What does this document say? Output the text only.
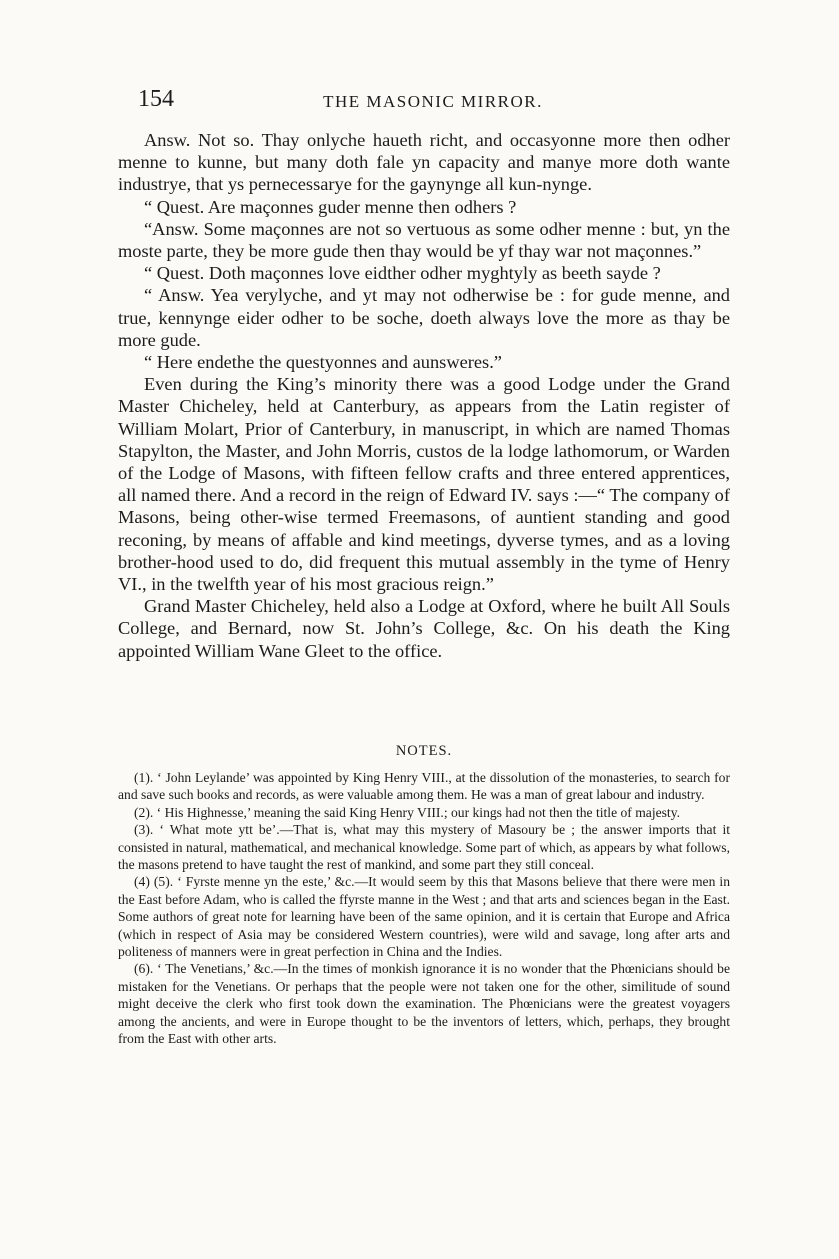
154	THE MASONIC MIRROR.

Answ. Not so. Thay onlyche haueth richt, and occasyonne more then odher menne to kunne, but many doth fale yn capacity and manye more doth wante industrye, that ys pernecessarye for the gaynynge all kun-nynge.

“ Quest. Are maçonnes guder menne then odhers ?

“Answ. Some maçonnes are not so vertuous as some odher menne : but, yn the moste parte, they be more gude then thay would be yf thay war not maçonnes.”

“ Quest. Doth maçonnes love eidther odher myghtyly as beeth sayde ?

“ Answ. Yea verylyche, and yt may not odherwise be : for gude menne, and true, kennynge eider odher to be soche, doeth always love the more as thay be more gude.

“ Here endethe the questyonnes and aunsweres.”

Even during the King’s minority there was a good Lodge under the Grand Master Chicheley, held at Canterbury, as appears from the Latin register of William Molart, Prior of Canterbury, in manuscript, in which are named Thomas Stapylton, the Master, and John Morris, custos de la lodge lathomorum, or Warden of the Lodge of Masons, with fifteen fellow crafts and three entered apprentices, all named there. And a record in the reign of Edward IV. says :—“ The company of Masons, being other-wise termed Freemasons, of auntient standing and good reconing, by means of affable and kind meetings, dyverse tymes, and as a loving brother-hood used to do, did frequent this mutual assembly in the tyme of Henry VI., in the twelfth year of his most gracious reign.”

Grand Master Chicheley, held also a Lodge at Oxford, where he built All Souls College, and Bernard, now St. John’s College, &c. On his death the King appointed William Wane Gleet to the office.

NOTES.

(1). ‘ John Leylande’ was appointed by King Henry VIII., at the dissolution of the monasteries, to search for and save such books and records, as were valuable among them. He was a man of great labour and industry.

(2). ‘ His Highnesse,’ meaning the said King Henry VIII.; our kings had not then the title of majesty.

(3). ‘ What mote ytt be’.—That is, what may this mystery of Masoury be ; the answer imports that it consisted in natural, mathematical, and mechanical knowledge. Some part of which, as appears by what follows, the masons pretend to have taught the rest of mankind, and some part they still conceal.

(4) (5). ‘ Fyrste menne yn the este,’ &c.—It would seem by this that Masons believe that there were men in the East before Adam, who is called the ffyrste manne in the West ; and that arts and sciences began in the East. Some authors of great note for learning have been of the same opinion, and it is certain that Europe and Africa (which in respect of Asia may be considered Western countries), were wild and savage, long after arts and politeness of manners were in great perfection in China and the Indies.

(6). ‘ The Venetians,’ &c.—In the times of monkish ignorance it is no wonder that the Phœnicians should be mistaken for the Venetians. Or perhaps that the people were not taken one for the other, similitude of sound might deceive the clerk who first took down the examination. The Phœnicians were the greatest voyagers among the ancients, and were in Europe thought to be the inventors of letters, which, perhaps, they brought from the East with other arts.
